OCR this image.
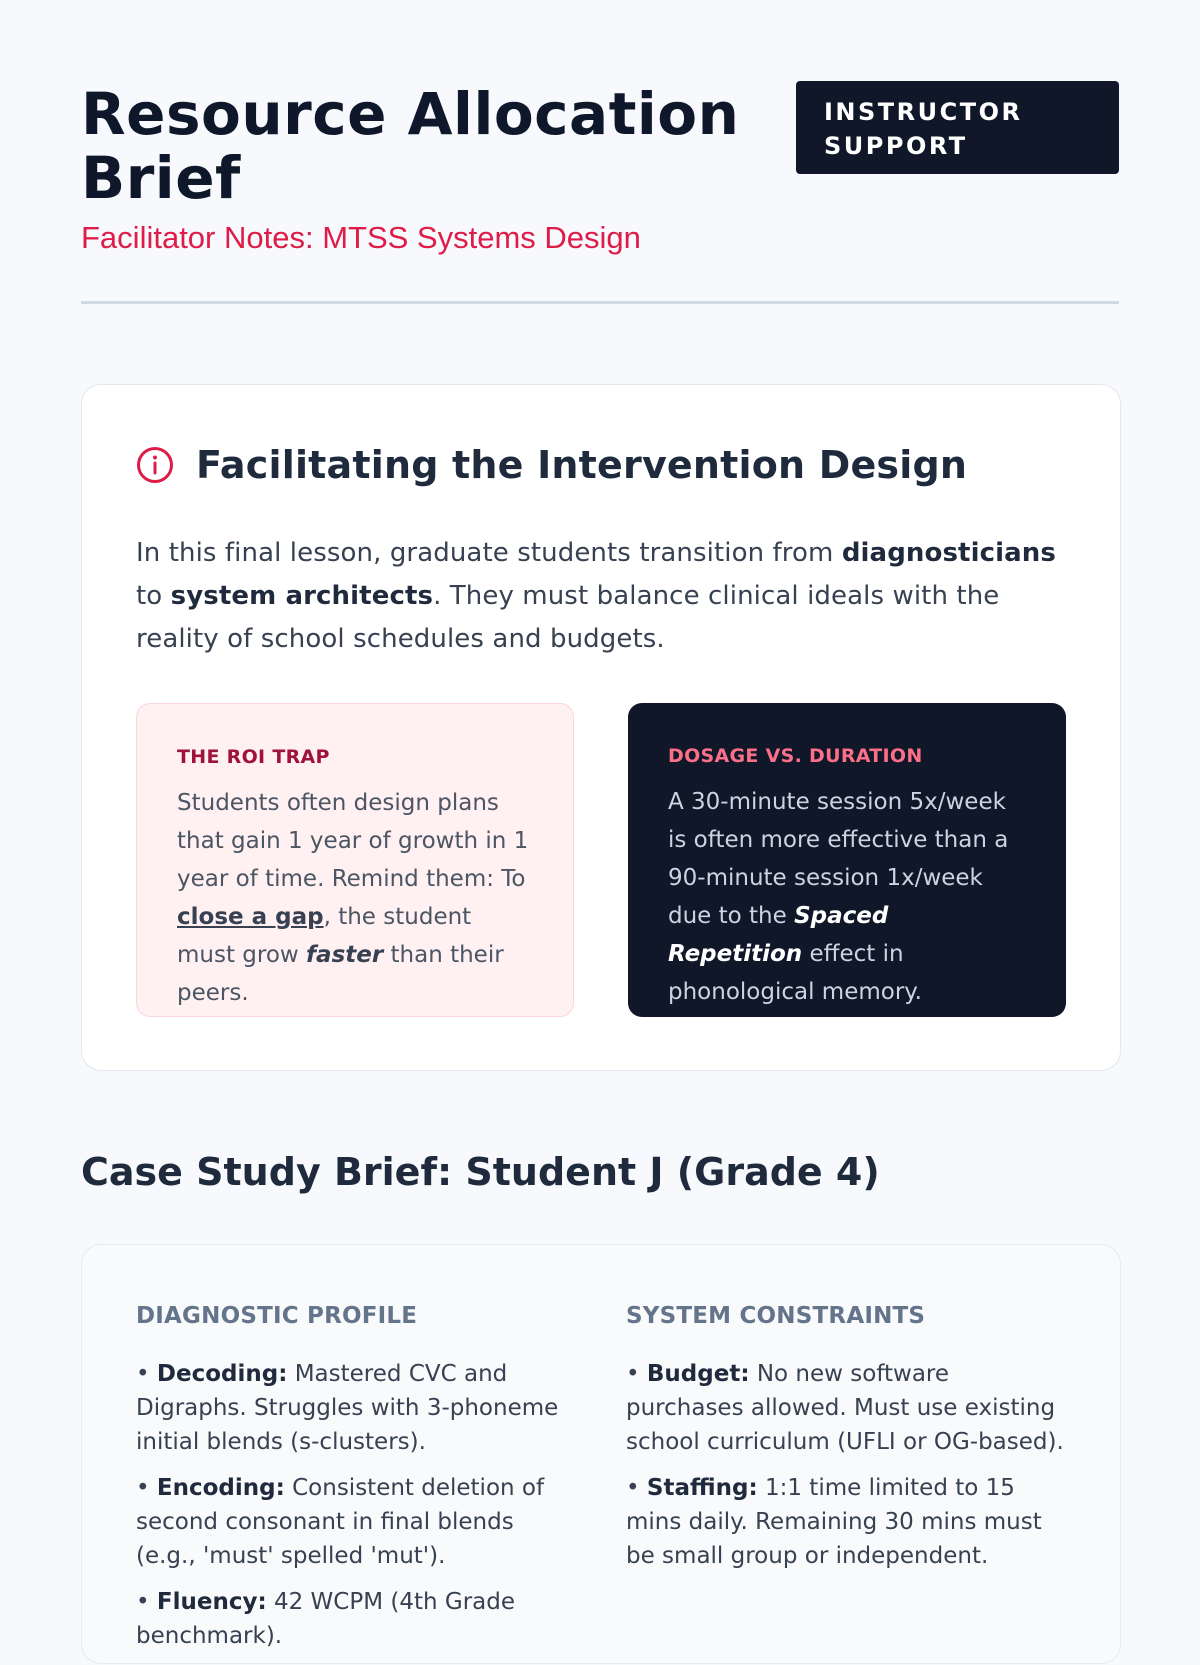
Resource Allocation Brief
Facilitator Notes: MTSS Systems Design
INSTRUCTOR SUPPORT
Facilitating the Intervention Design

In this final lesson, graduate students transition from diagnosticians to system architects. They must balance clinical ideals with the reality of school schedules and budgets.

THE ROI TRAP

Students often design plans that gain 1 year of growth in 1 year of time. Remind them: To close a gap, the student must grow faster than their peers.

DOSAGE VS. DURATION

A 30-minute session 5x/week is often more effective than a 90-minute session 1x/week due to the Spaced Repetition effect in phonological memory.

Case Study Brief: Student J (Grade 4)
DIAGNOSTIC PROFILE
• Decoding: Mastered CVC and Digraphs. Struggles with 3-phoneme initial blends (s-clusters).
• Encoding: Consistent deletion of second consonant in final blends (e.g., 'must' spelled 'mut').
• Fluency: 42 WCPM (4th Grade benchmark).
SYSTEM CONSTRAINTS
• Budget: No new software purchases allowed. Must use existing school curriculum (UFLI or OG-based).
• Staffing: 1:1 time limited to 15 mins daily. Remaining 30 mins must be small group or independent.
